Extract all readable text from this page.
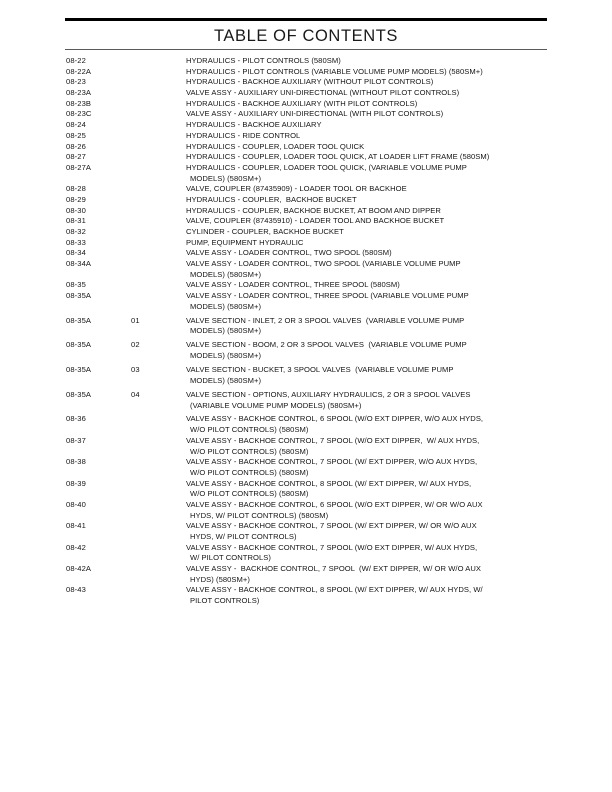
TABLE OF CONTENTS
08-22	HYDRAULICS - PILOT CONTROLS (580SM)
08-22A	HYDRAULICS - PILOT CONTROLS (VARIABLE VOLUME PUMP MODELS) (580SM+)
08-23	HYDRAULICS - BACKHOE AUXILIARY (WITHOUT PILOT CONTROLS)
08-23A	VALVE ASSY - AUXILIARY UNI-DIRECTIONAL (WITHOUT PILOT CONTROLS)
08-23B	HYDRAULICS - BACKHOE AUXILIARY (WITH PILOT CONTROLS)
08-23C	VALVE ASSY - AUXILIARY UNI-DIRECTIONAL (WITH PILOT CONTROLS)
08-24	HYDRAULICS - BACKHOE AUXILIARY
08-25	HYDRAULICS - RIDE CONTROL
08-26	HYDRAULICS - COUPLER, LOADER TOOL QUICK
08-27	HYDRAULICS - COUPLER, LOADER TOOL QUICK, AT LOADER LIFT FRAME (580SM)
08-27A	HYDRAULICS - COUPLER, LOADER TOOL QUICK, (VARIABLE VOLUME PUMP
MODELS) (580SM+)
08-28	VALVE, COUPLER (87435909) - LOADER TOOL OR BACKHOE
08-29	HYDRAULICS - COUPLER,  BACKHOE BUCKET
08-30	HYDRAULICS - COUPLER, BACKHOE BUCKET, AT BOOM AND DIPPER
08-31	VALVE, COUPLER (87435910) - LOADER TOOL AND BACKHOE BUCKET
08-32	CYLINDER - COUPLER, BACKHOE BUCKET
08-33	PUMP, EQUIPMENT HYDRAULIC
08-34	VALVE ASSY - LOADER CONTROL, TWO SPOOL (580SM)
08-34A	VALVE ASSY - LOADER CONTROL, TWO SPOOL (VARIABLE VOLUME PUMP
MODELS) (580SM+)
08-35	VALVE ASSY - LOADER CONTROL, THREE SPOOL (580SM)
08-35A	VALVE ASSY - LOADER CONTROL, THREE SPOOL (VARIABLE VOLUME PUMP
MODELS) (580SM+)
08-35A	01	VALVE SECTION - INLET, 2 OR 3 SPOOL VALVES  (VARIABLE VOLUME PUMP
MODELS) (580SM+)
08-35A	02	VALVE SECTION - BOOM, 2 OR 3 SPOOL VALVES  (VARIABLE VOLUME PUMP
MODELS) (580SM+)
08-35A	03	VALVE SECTION - BUCKET, 3 SPOOL VALVES  (VARIABLE VOLUME PUMP
MODELS) (580SM+)
08-35A	04	VALVE SECTION - OPTIONS, AUXILIARY HYDRAULICS, 2 OR 3 SPOOL VALVES
(VARIABLE VOLUME PUMP MODELS) (580SM+)
08-36	VALVE ASSY - BACKHOE CONTROL, 6 SPOOL (W/O EXT DIPPER, W/O AUX HYDS,
W/O PILOT CONTROLS) (580SM)
08-37	VALVE ASSY - BACKHOE CONTROL, 7 SPOOL (W/O EXT DIPPER,  W/ AUX HYDS,
W/O PILOT CONTROLS) (580SM)
08-38	VALVE ASSY - BACKHOE CONTROL, 7 SPOOL (W/ EXT DIPPER, W/O AUX HYDS,
W/O PILOT CONTROLS) (580SM)
08-39	VALVE ASSY - BACKHOE CONTROL, 8 SPOOL (W/ EXT DIPPER, W/ AUX HYDS,
W/O PILOT CONTROLS) (580SM)
08-40	VALVE ASSY - BACKHOE CONTROL, 6 SPOOL (W/O EXT DIPPER, W/ OR W/O AUX
HYDS, W/ PILOT CONTROLS) (580SM)
08-41	VALVE ASSY - BACKHOE CONTROL, 7 SPOOL (W/ EXT DIPPER, W/ OR W/O AUX
HYDS, W/ PILOT CONTROLS)
08-42	VALVE ASSY - BACKHOE CONTROL, 7 SPOOL (W/O EXT DIPPER, W/ AUX HYDS,
W/ PILOT CONTROLS)
08-42A	VALVE ASSY -  BACKHOE CONTROL, 7 SPOOL  (W/ EXT DIPPER, W/ OR W/O AUX
HYDS) (580SM+)
08-43	VALVE ASSY - BACKHOE CONTROL, 8 SPOOL (W/ EXT DIPPER, W/ AUX HYDS, W/
PILOT CONTROLS)
